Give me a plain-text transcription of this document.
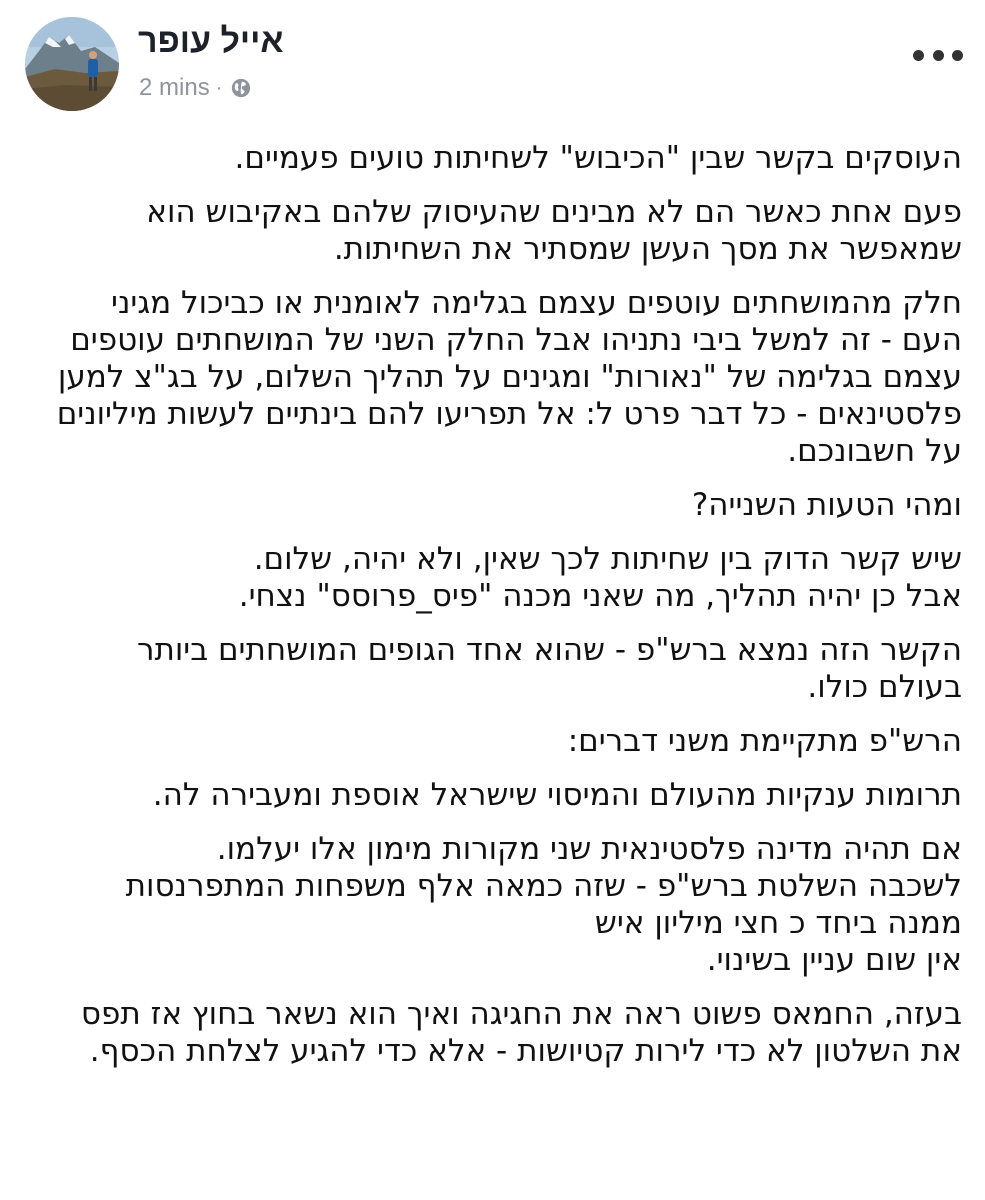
אייל עופר
2 mins ·

העוסקים בקשר שבין "הכיבוש" לשחיתות טועים פעמיים.

פעם אחת כאשר הם לא מבינים שהעיסוק שלהם באקיבוש הוא
שמאפשר את מסך העשן שמסתיר את השחיתות.

חלק מהמושחתים עוטפים עצמם בגלימה לאומנית או כביכול מגיני
העם - זה למשל ביבי נתניהו אבל החלק השני של המושחתים עוטפים
עצמם בגלימה של "נאורות" ומגינים על תהליך השלום, על בג"צ למען
פלסטינאים - כל דבר פרט ל: אל תפריעו להם בינתיים לעשות מיליונים
על חשבונכם.

ומהי הטעות השנייה?

שיש קשר הדוק בין שחיתות לכך שאין, ולא יהיה, שלום.
אבל כן יהיה תהליך, מה שאני מכנה "פיס_פרוסס" נצחי.

הקשר הזה נמצא ברש"פ - שהוא אחד הגופים המושחתים ביותר
בעולם כולו.

הרש"פ מתקיימת משני דברים:

תרומות ענקיות מהעולם והמיסוי שישראל אוספת ומעבירה לה.

אם תהיה מדינה פלסטינאית שני מקורות מימון אלו יעלמו.
לשכבה השלטת ברש"פ - שזה כמאה אלף משפחות המתפרנסות
ממנה ביחד כ חצי מיליון איש
אין שום עניין בשינוי.

בעזה, החמאס פשוט ראה את החגיגה ואיך הוא נשאר בחוץ אז תפס
את השלטון לא כדי לירות קטיושות - אלא כדי להגיע לצלחת הכסף.
